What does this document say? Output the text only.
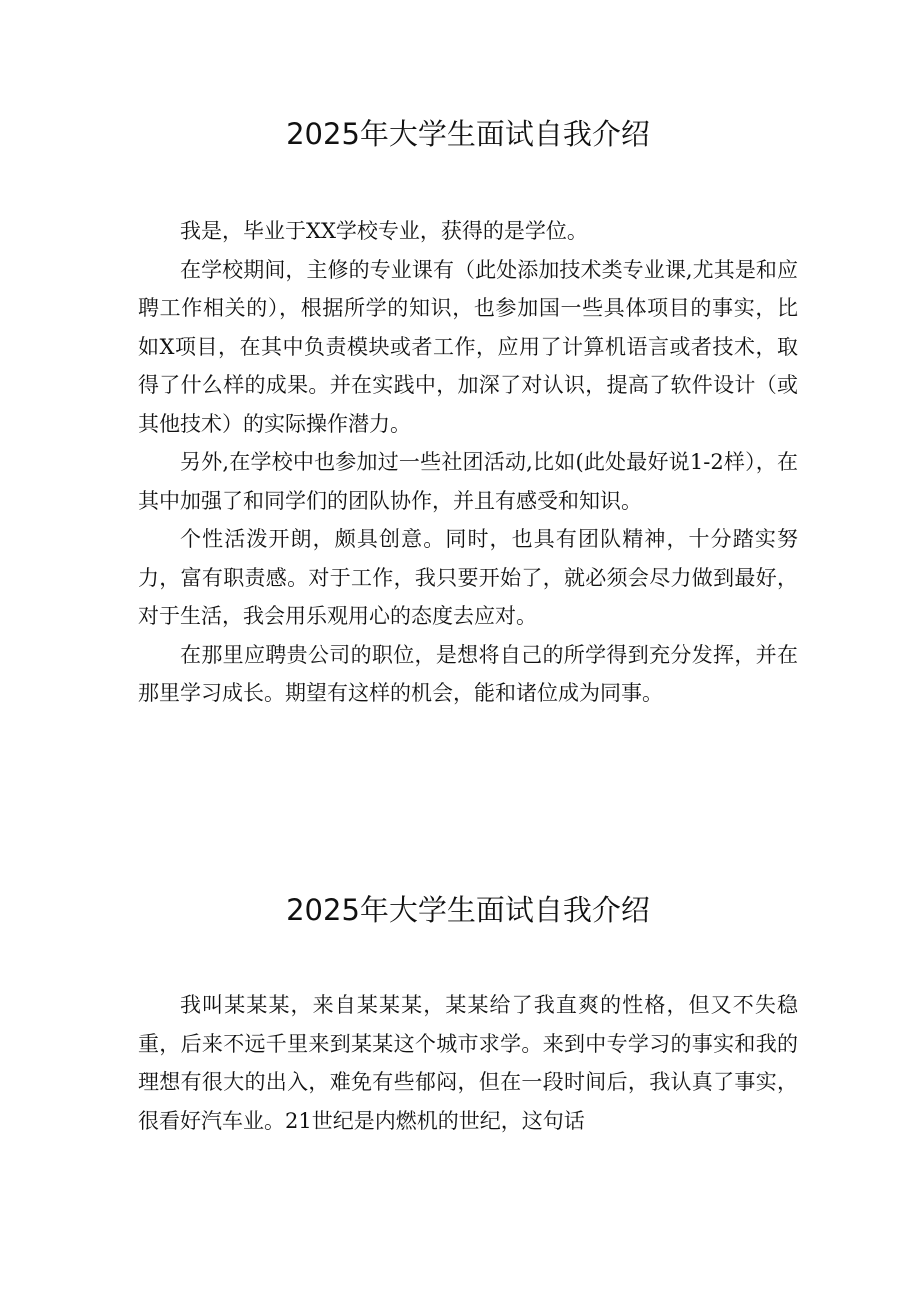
2025年大学生面试自我介绍

我是，毕业于XX学校专业，获得的是学位。

在学校期间，主修的专业课有（此处添加技术类专业课,尤其是和应聘工作相关的），根据所学的知识，也参加国一些具体项目的事实，比如X项目，在其中负责模块或者工作，应用了计算机语言或者技术，取得了什么样的成果。并在实践中，加深了对认识，提高了软件设计（或其他技术）的实际操作潜力。

另外,在学校中也参加过一些社团活动,比如(此处最好说1-2样），在其中加强了和同学们的团队协作，并且有感受和知识。

个性活泼开朗，颇具创意。同时，也具有团队精神，十分踏实努力，富有职责感。对于工作，我只要开始了，就必须会尽力做到最好，对于生活，我会用乐观用心的态度去应对。

在那里应聘贵公司的职位，是想将自己的所学得到充分发挥，并在那里学习成长。期望有这样的机会，能和诸位成为同事。

2025年大学生面试自我介绍

我叫某某某，来自某某某，某某给了我直爽的性格，但又不失稳重，后来不远千里来到某某这个城市求学。来到中专学习的事实和我的理想有很大的出入，难免有些郁闷，但在一段时间后，我认真了事实，很看好汽车业。21世纪是内燃机的世纪，这句话
